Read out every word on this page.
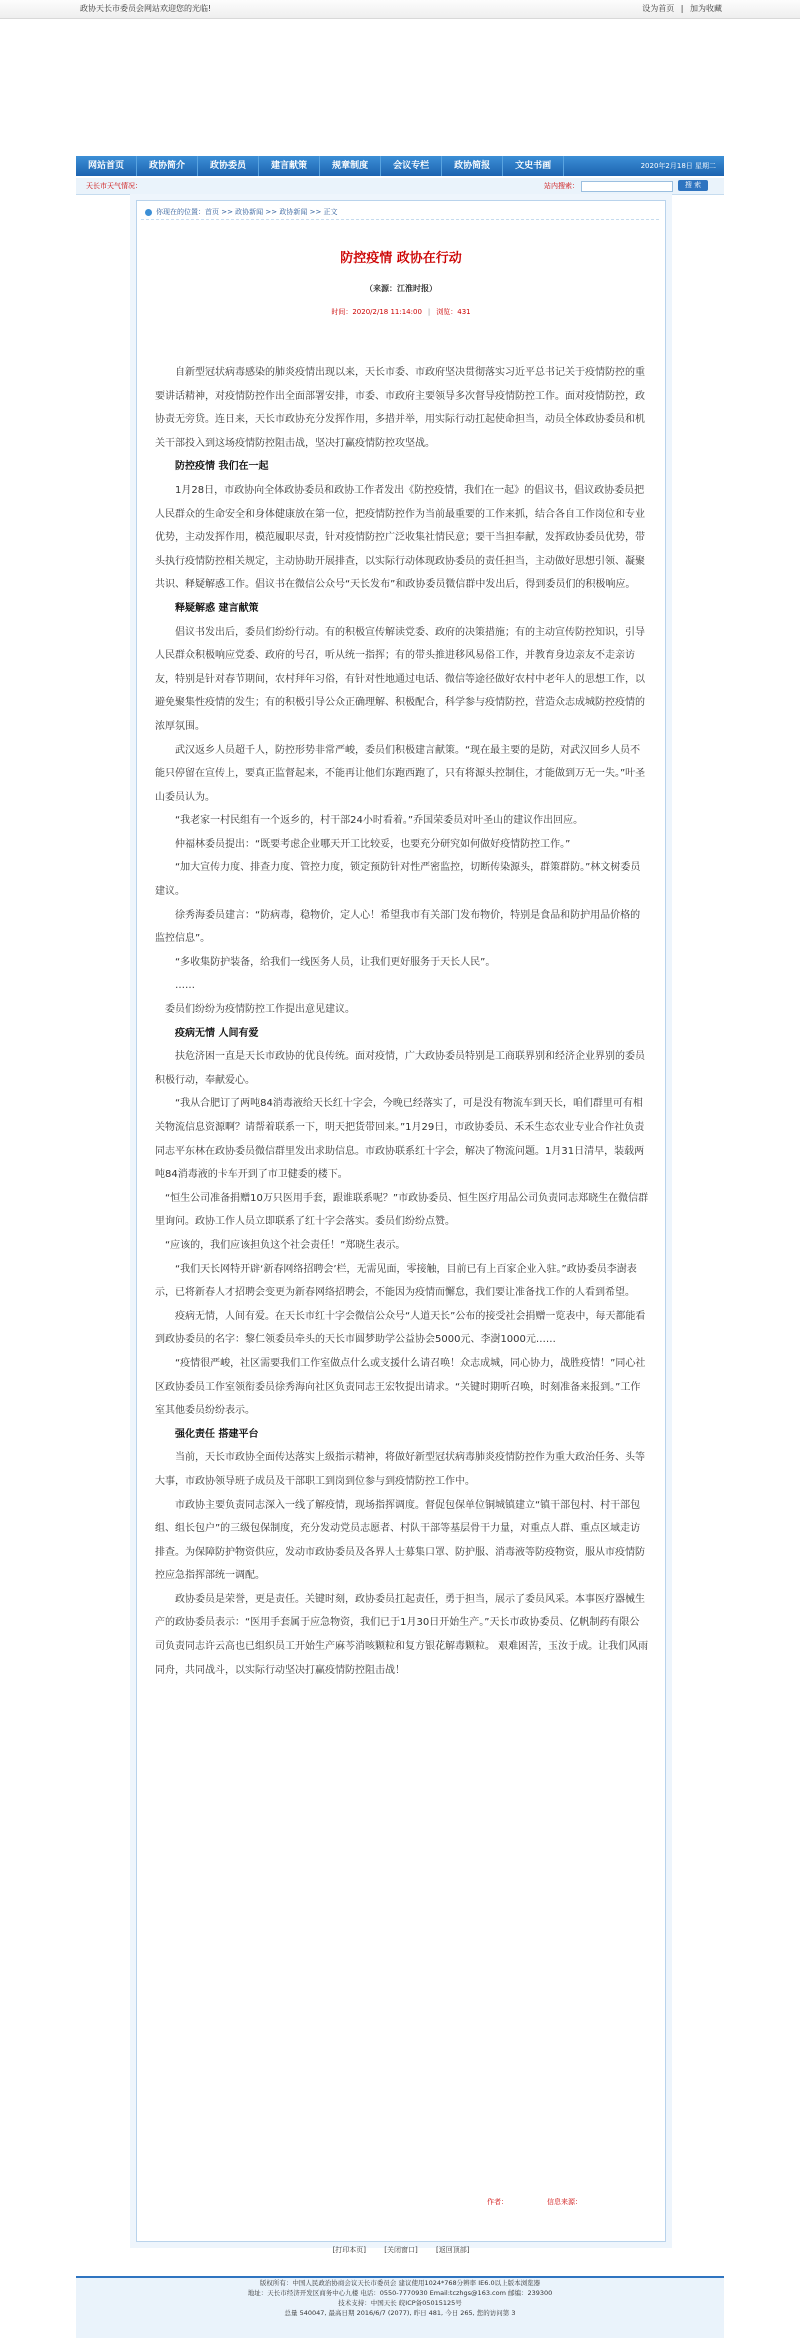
政协天长市委员会网站欢迎您的光临!	设为首页 | 加为收藏
网站首页	政协简介	政协委员	建言献策	规章制度	会议专栏	政协简报	文史书画	2020年2月18日 星期二
天长市天气情况：	站内搜索：	搜 索
你现在的位置：首页 >> 政协新闻 >> 政协新闻 >> 正文
防控疫情 政协在行动
（来源：江淮时报）
时间：2020/2/18 11:14:00 | 浏览：431

自新型冠状病毒感染的肺炎疫情出现以来，天长市委、市政府坚决贯彻落实习近平总书记关于疫情防控的重要讲话精神，对疫情防控作出全面部署安排，市委、市政府主要领导多次督导疫情防控工作。面对疫情防控，政协责无旁贷。连日来，天长市政协充分发挥作用，多措并举，用实际行动扛起使命担当，动员全体政协委员和机关干部投入到这场疫情防控阻击战，坚决打赢疫情防控攻坚战。

防控疫情 我们在一起

1月28日，市政协向全体政协委员和政协工作者发出《防控疫情，我们在一起》的倡议书，倡议政协委员把人民群众的生命安全和身体健康放在第一位，把疫情防控作为当前最重要的工作来抓，结合各自工作岗位和专业优势，主动发挥作用，模范履职尽责，针对疫情防控广泛收集社情民意；要干当担奉献，发挥政协委员优势，带头执行疫情防控相关规定，主动协助开展排查，以实际行动体现政协委员的责任担当，主动做好思想引领、凝聚共识、释疑解惑工作。倡议书在微信公众号“天长发布”和政协委员微信群中发出后，得到委员们的积极响应。

释疑解惑 建言献策

倡议书发出后，委员们纷纷行动。有的积极宣传解读党委、政府的决策措施；有的主动宣传防控知识，引导人民群众积极响应党委、政府的号召，听从统一指挥；有的带头推进移风易俗工作，并教育身边亲友不走亲访友，特别是针对春节期间，农村拜年习俗，有针对性地通过电话、微信等途径做好农村中老年人的思想工作，以避免聚集性疫情的发生；有的积极引导公众正确理解、积极配合，科学参与疫情防控，营造众志成城防控疫情的浓厚氛围。

武汉返乡人员超千人，防控形势非常严峻，委员们积极建言献策。“现在最主要的是防，对武汉回乡人员不能只停留在宣传上，要真正监督起来，不能再让他们东跑西跑了，只有将源头控制住，才能做到万无一失。”叶圣山委员认为。

“我老家一村民组有一个返乡的，村干部24小时看着。”乔国荣委员对叶圣山的建议作出回应。

仲福林委员提出：“既要考虑企业哪天开工比较妥，也要充分研究如何做好疫情防控工作。”

“加大宣传力度、排查力度、管控力度，锁定预防针对性严密监控，切断传染源头，群策群防。”林文树委员建议。

徐秀海委员建言：“防病毒，稳物价，定人心！希望我市有关部门发布物价，特别是食品和防护用品价格的监控信息”。

“多收集防护装备，给我们一线医务人员，让我们更好服务于天长人民”。

……

委员们纷纷为疫情防控工作提出意见建议。

疫病无情 人间有爱

扶危济困一直是天长市政协的优良传统。面对疫情，广大政协委员特别是工商联界别和经济企业界别的委员积极行动，奉献爱心。

“我从合肥订了两吨84消毒液给天长红十字会，今晚已经落实了，可是没有物流车到天长，咱们群里可有相关物流信息资源啊？请帮着联系一下，明天把货带回来。”1月29日，市政协委员、禾禾生态农业专业合作社负责同志平东林在政协委员微信群里发出求助信息。市政协联系红十字会，解决了物流问题。1月31日清早，装载两吨84消毒液的卡车开到了市卫健委的楼下。

“恒生公司准备捐赠10万只医用手套，跟谁联系呢？”市政协委员、恒生医疗用品公司负责同志郑晓生在微信群里询问。政协工作人员立即联系了红十字会落实。委员们纷纷点赞。

“应该的，我们应该担负这个社会责任！”郑晓生表示。

“我们天长网特开辟‘新春网络招聘会’栏，无需见面，零接触，目前已有上百家企业入驻。”政协委员李澍表示，已将新春人才招聘会变更为新春网络招聘会，不能因为疫情而懈怠，我们要让准备找工作的人看到希望。

疫病无情，人间有爱。在天长市红十字会微信公众号“人道天长”公布的接受社会捐赠一览表中，每天都能看到政协委员的名字：黎仁领委员牵头的天长市圆梦助学公益协会5000元、李澍1000元……

“疫情很严峻，社区需要我们工作室做点什么或支援什么请召唤！众志成城，同心协力，战胜疫情！”同心社区政协委员工作室领衔委员徐秀海向社区负责同志王宏牧提出请求。“关键时期听召唤，时刻准备来报到。”工作室其他委员纷纷表示。

强化责任 搭建平台

当前，天长市政协全面传达落实上级指示精神，将做好新型冠状病毒肺炎疫情防控作为重大政治任务、头等大事，市政协领导班子成员及干部职工到岗到位参与到疫情防控工作中。

市政协主要负责同志深入一线了解疫情，现场指挥调度。督促包保单位铜城镇建立“镇干部包村、村干部包组、组长包户”的三级包保制度，充分发动党员志愿者、村队干部等基层骨干力量，对重点人群、重点区域走访排查。为保障防护物资供应，发动市政协委员及各界人士募集口罩、防护服、消毒液等防疫物资，服从市疫情防控应急指挥部统一调配。

政协委员是荣誉，更是责任。关键时刻，政协委员扛起责任，勇于担当，展示了委员风采。本事医疗器械生产的政协委员表示：“医用手套属于应急物资，我们已于1月30日开始生产。”天长市政协委员、亿帆制药有限公司负责同志许云高也已组织员工开始生产麻芩消咳颗粒和复方银花解毒颗粒。 艰难困苦，玉汝于成。让我们风雨同舟，共同战斗，以实际行动坚决打赢疫情防控阻击战！

作者：	信息来源：
[打印本页]	[关闭窗口]	[返回顶部]
版权所有：中国人民政治协商会议天长市委员会 建议使用1024*768分辨率 IE6.0以上版本浏览器
地址：天长市经济开发区商务中心九楼 电话：0550-7770930 Email:tczhgs@163.com 邮编：239300
技术支持：中国天长 皖ICP备05015125号
总量 540047, 最高日期 2016/6/7 (2077), 昨日 481, 今日 265, 您的访问第 3
